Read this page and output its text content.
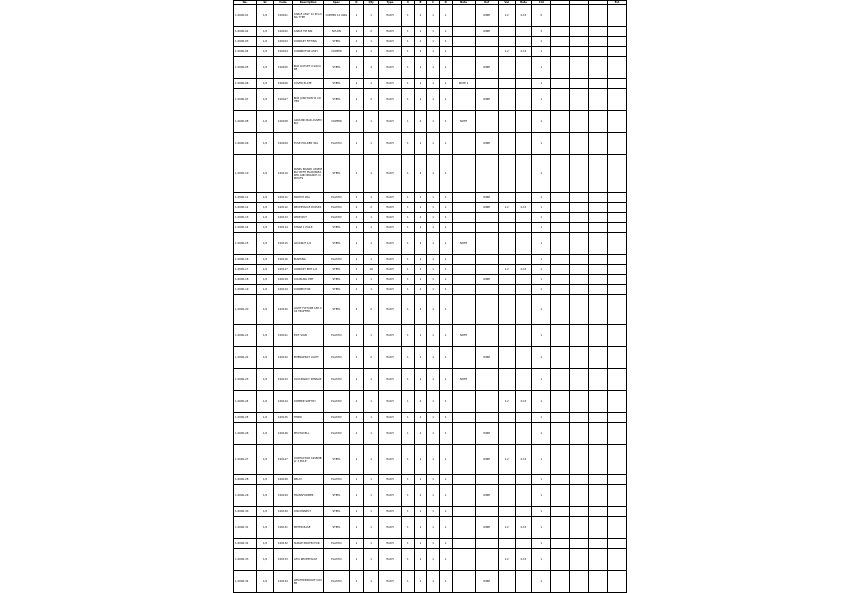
No.	Sz	Code	Description	Spec	Q	Qty	Type	A	B	C	D	Note	Ref	Val	Rate	Cnt				Ext
1-0000-01	1/2	100101	CABLE ASSY 12 IN LONG TYPE	COPPER 12 AWG	1	1	EACH	1	2	1	1		WIRE	1.2	0.15	0				
1-0000-02	1/2	100102	CABLE TIE 8IN	NYLON	1	2	EACH	1	1	1	1		WIRE			3				
1-0000-03	1/2	100103	CONDUIT FITTING	STEEL	1	1	EACH	1	1	1	1					1				
1-0000-04	1/2	100104	CONNECTOR ASSY	COPPER	1	1	EACH	1	2	1	1			1.2	0.15	1				
1-0000-05	1/2	100105	BOX OUTLET 4 SQUARE	STEEL	1	4	EACH	1	1	1	1		WIRE			1				
1-0000-06	1/2	100106	COVER PLATE	STEEL	1	1	EACH	1	1	1	1	NOTE 1				1				
1-0000-07	1/2	100107	BOX JUNCTION W COVER	STEEL	1	2	EACH	1	1	1	1		WIRE			1				
1-0000-08	1/2	100108	GROUND BAR ASSEMBLY	COPPER	1	1	EACH	1	2	1	1	NOTE				1				
1-0000-09	1/2	100109	FUSE HOLDER 30A	PLASTIC	1	1	EACH	1	1	1	1		WIRE			1				
1-0000-10	1/2	100110	PANEL BOARD ASSEMBLY WITH MAIN BREAKER AND BRANCH CIRCUITS	STEEL	1	1	EACH	1	2	1	1					1				
1-0000-11	1/2	100111	SWITCH 20A	PLASTIC	1	1	EACH	1	1	1	1		WIRE			1				
1-0000-12	1/2	100112	RECEPTACLE DUPLEX	PLASTIC	2	2	EACH	1	1	1	1		WIRE	1.2	0.15	1				
1-0000-13	1/2	100113	WIRE NUT	PLASTIC	1	1	EACH	1	1	1	1					1				
1-0000-14	1/2	100114	STRAP 1 HOLE	STEEL	1	1	EACH	1	1	1	1					1				
1-0000-15	1/2	100115	LOCKNUT 1/2	STEEL	1	1	EACH	1	2	1	1	NOTE				1				
1-0000-16	1/2	100116	BUSHING	PLASTIC	1	1	EACH	1	1	1	1					1				
1-0000-17	1/2	100117	CONDUIT EMT 1/2	STEEL	1	10	EACH	1	1	1	1			1.2	0.15	1				
1-0000-18	1/2	100118	COUPLING EMT	STEEL	1	1	EACH	1	1	1	1		WIRE			1				
1-0000-19	1/2	100119	CONNECTOR	STEEL	1	1	EACH	1	1	1	1					1				
1-0000-20	1/2	100120	LIGHT FIXTURE LED 2X4 TROFFER	STEEL	2	2	EACH	1	2	1	1					1				
1-0000-21	1/2	100121	EXIT SIGN	PLASTIC	1	1	EACH	1	1	1	1	NOTE				1				
1-0000-22	1/2	100122	EMERGENCY LIGHT	PLASTIC	1	2	EACH	1	1	1	1		WIRE			1				
1-0000-23	1/2	100123	OCCUPANCY SENSOR	PLASTIC	1	1	EACH	1	1	1	1	NOTE				1				
1-0000-24	1/2	100124	DIMMER SWITCH	PLASTIC	1	1	EACH	1	2	1	1			1.2	0.15	1				
1-0000-25	1/2	100125	TIMER	PLASTIC	1	1	EACH	1	1	1	1					1				
1-0000-26	1/2	100126	PHOTOCELL	PLASTIC	1	1	EACH	1	1	1	1		WIRE			1				
1-0000-27	1/2	100127	CONTACTOR ASSEMBLY 3 POLE	STEEL	1	1	EACH	1	1	1	1		WIRE	1.2	0.15	1				
1-0000-28	1/2	100128	RELAY	PLASTIC	1	1	EACH	1	1	1	1					1				
1-0000-29	1/2	100129	TRANSFORMER	STEEL	1	1	EACH	1	2	1	1		WIRE			1				
1-0000-30	1/2	100130	DISCONNECT	STEEL	1	1	EACH	1	1	1	1					1				
1-0000-31	1/2	100131	METER BASE	STEEL	1	1	EACH	1	1	1	1		WIRE	1.2	0.15	1				
1-0000-32	1/2	100132	SURGE PROTECTOR	PLASTIC	1	1	EACH	1	1	1	1					1				
1-0000-33	1/2	100133	GFCI RECEPTACLE	PLASTIC	1	1	EACH	1	1	1	1			1.2	0.15	1				
1-0000-34	1/2	100134	WEATHERPROOF COVER	PLASTIC	1	1	EACH	1	1	1	1		WIRE			1				
